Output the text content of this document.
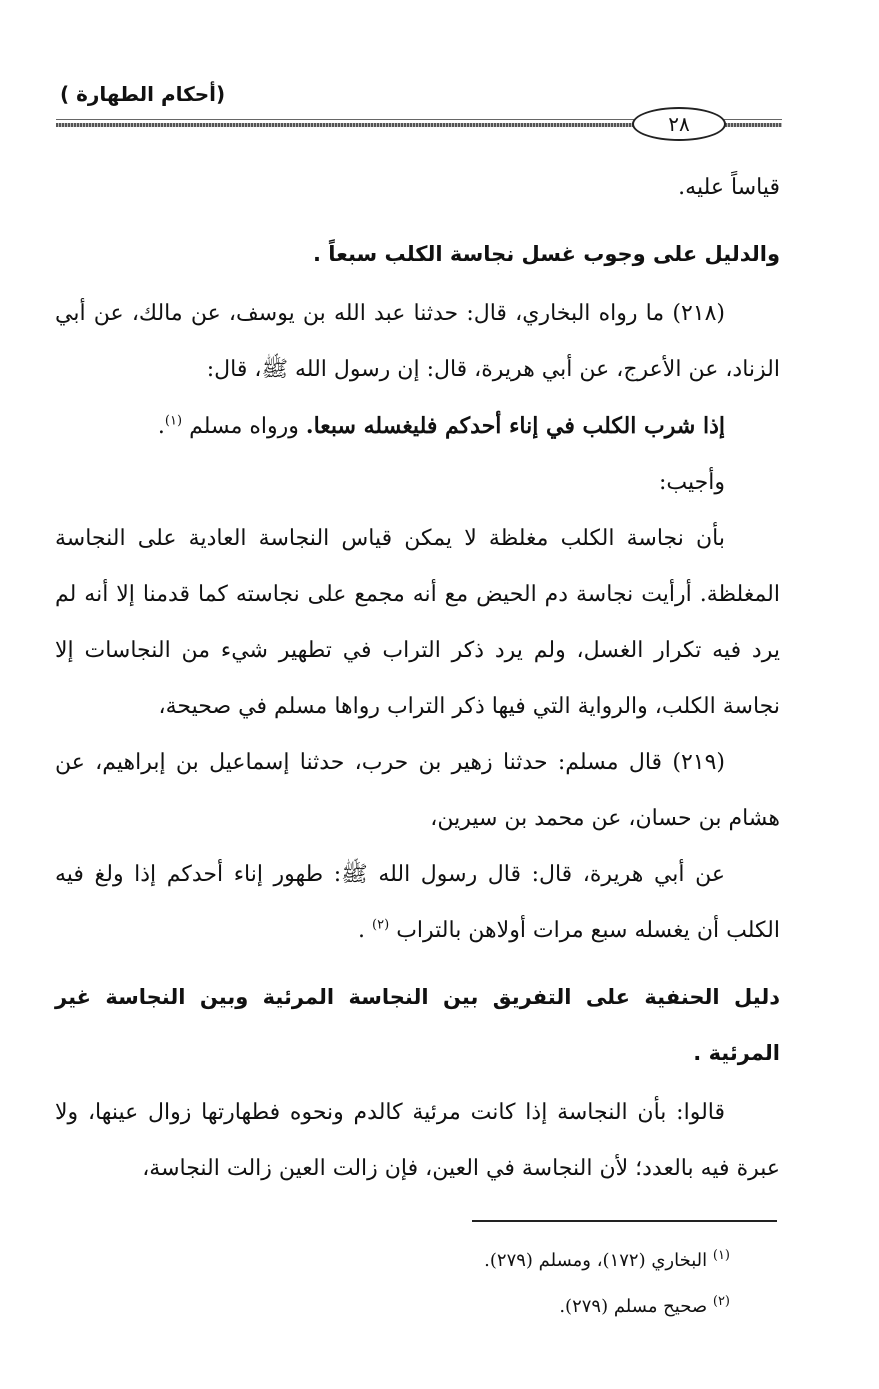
(أحكام الطهارة )
٢٨

قياساً عليه.

والدليل على وجوب غسل نجاسة الكلب سبعاً .

(٢١٨) ما رواه البخاري، قال: حدثنا عبد الله بن يوسف، عن مالك، عن أبي الزناد، عن الأعرج، عن أبي هريرة، قال: إن رسول الله ﷺ، قال:

إذا شرب الكلب في إناء أحدكم فليغسله سبعا. ورواه مسلم $^{(١)}$.

وأجيب:

بأن نجاسة الكلب مغلظة لا يمكن قياس النجاسة العادية على النجاسة المغلظة. أرأيت نجاسة دم الحيض مع أنه مجمع على نجاسته كما قدمنا إلا أنه لم يرد فيه تكرار الغسل، ولم يرد ذكر التراب في تطهير شيء من النجاسات إلا نجاسة الكلب، والرواية التي فيها ذكر التراب رواها مسلم في صحيحة،

(٢١٩) قال مسلم: حدثنا زهير بن حرب، حدثنا إسماعيل بن إبراهيم، عن هشام بن حسان، عن محمد بن سيرين،

عن أبي هريرة، قال: قال رسول الله ﷺ: طهور إناء أحدكم إذا ولغ فيه الكلب أن يغسله سبع مرات أولاهن بالتراب $^{(٢)}$ .

دليل الحنفية على التفريق بين النجاسة المرئية وبين النجاسة غير المرئية .

قالوا: بأن النجاسة إذا كانت مرئية كالدم ونحوه فطهارتها زوال عينها، ولا عبرة فيه بالعدد؛ لأن النجاسة في العين، فإن زالت العين زالت النجاسة،

$^{(١)}$ البخاري (١٧٢)، ومسلم (٢٧٩).

$^{(٢)}$ صحيح مسلم (٢٧٩).
